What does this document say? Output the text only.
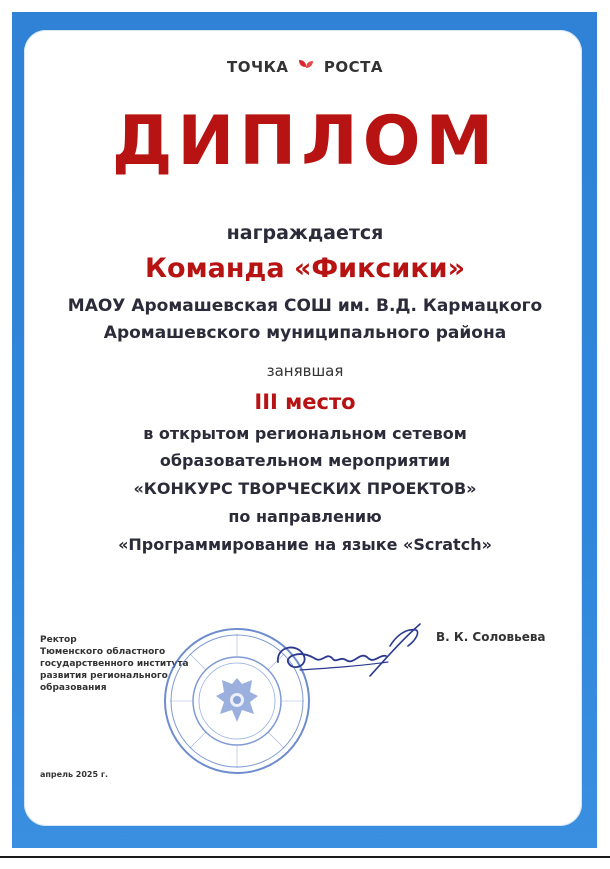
ТОЧКА РОСТА
ДИПЛОМ
награждается
Команда «Фиксики»
МАОУ Аромашевская СОШ им. В.Д. Кармацкого
Аромашевского муниципального района
занявшая
III место
в открытом региональном сетевом
образовательном мероприятии
«КОНКУРС ТВОРЧЕСКИХ ПРОЕКТОВ»
по направлению
«Программирование на языке «Scratch»
Ректор
Тюменского областного
государственного института
развития регионального
образования
В. К. Соловьева
апрель 2025 г.
